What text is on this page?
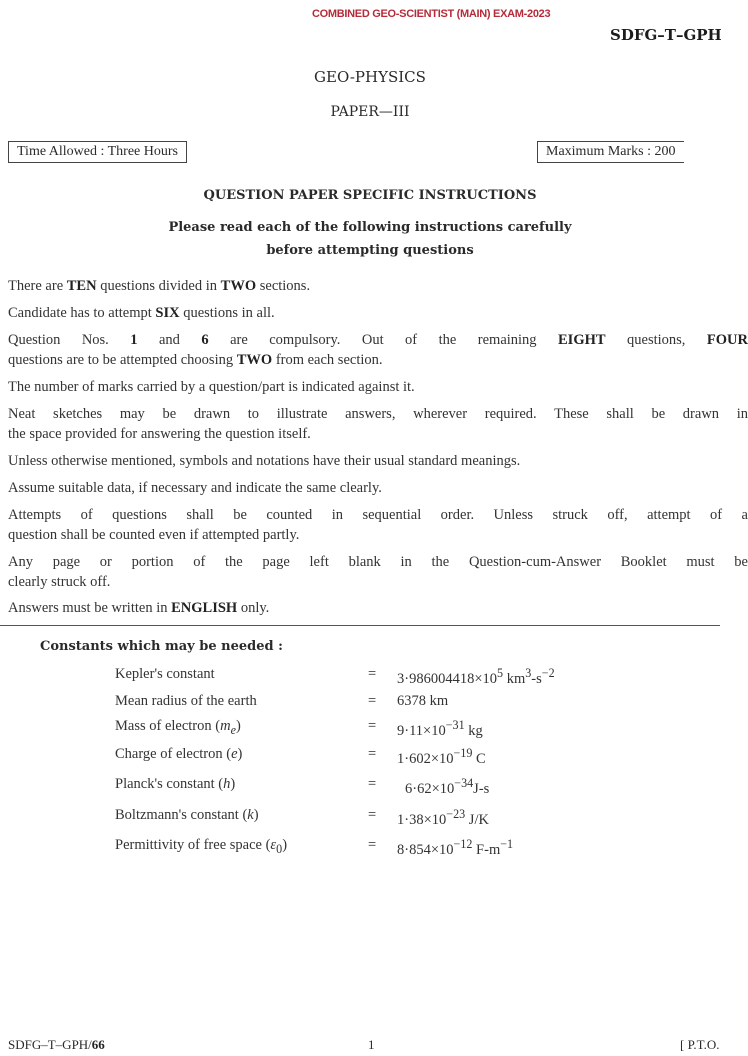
COMBINED GEO-SCIENTIST (MAIN) EXAM-2023
SDFG–T–GPH
GEO-PHYSICS
PAPER—III
Time Allowed : Three Hours	Maximum Marks : 200
QUESTION PAPER SPECIFIC INSTRUCTIONS
Please read each of the following instructions carefully
before attempting questions
There are TEN questions divided in TWO sections.
Candidate has to attempt SIX questions in all.
Question Nos. 1 and 6 are compulsory. Out of the remaining EIGHT questions, FOUR
questions are to be attempted choosing TWO from each section.
The number of marks carried by a question/part is indicated against it.
Neat sketches may be drawn to illustrate answers, wherever required. These shall be drawn in
the space provided for answering the question itself.
Unless otherwise mentioned, symbols and notations have their usual standard meanings.
Assume suitable data, if necessary and indicate the same clearly.
Attempts of questions shall be counted in sequential order. Unless struck off, attempt of a
question shall be counted even if attempted partly.
Any page or portion of the page left blank in the Question-cum-Answer Booklet must be
clearly struck off.
Answers must be written in ENGLISH only.
Constants which may be needed :
Kepler's constant	= $3\cdot 986004418\times 10^5$ $km^3-s^{-2}$
Mean radius of the earth	= 6378 km
Mass of electron $(m_e)$	= $9\cdot 11\times 10^{-31}$ kg
Charge of electron (e)	= $1\cdot 602\times 10^{-19}$ C
Planck's constant (h)	= $6\cdot 62\times 10^{-34}J-s$
Boltzmann's constant (k)	= $1\cdot 38\times 10^{-23}$ J/K
Permittivity of free space $(\varepsilon_0)$	= $8\cdot 854\times 10^{-12}$ $F-m^{-1}$
SDFG–T–GPH/66	1	[ P.T.O.
